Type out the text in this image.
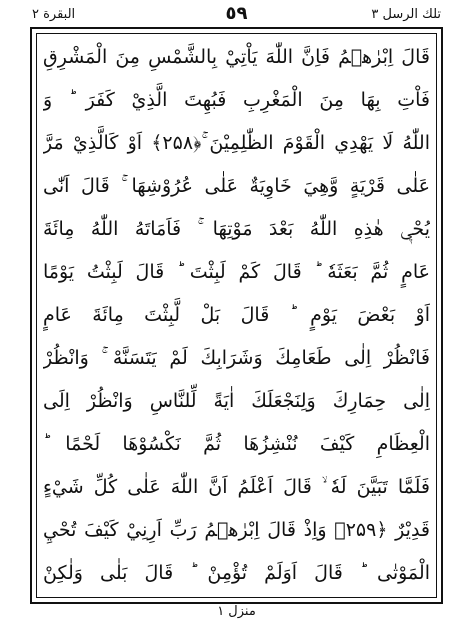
البقرة ٢	٥٩	تلك الرسل ٣
قَالَ اِبْرٰهٖمُ فَاِنَّ اللّٰهَ يَاْتِيْ بِالشَّمْسِ مِنَ الْمَشْرِقِ
فَاْتِ بِهَا مِنَ الْمَغْرِبِ فَبُهِتَ الَّذِيْ كَفَرَ ؕ وَ
اللّٰهُ لَا يَهْدِي الْقَوْمَ الظّٰلِمِيْنَ ۚ﴿۲۵۸﴾ اَوْ كَالَّذِيْ مَرَّ
عَلٰى قَرْيَةٍ وَّهِيَ خَاوِيَةٌ عَلٰى عُرُوْشِهَا ۚ قَالَ اَنّٰى
يُحْيٖ هٰذِهِ اللّٰهُ بَعْدَ مَوْتِهَا ۚ فَاَمَاتَهُ اللّٰهُ مِائَةَ
عَامٍ ثُمَّ بَعَثَهٗ ؕ قَالَ كَمْ لَبِثْتَ ؕ قَالَ لَبِثْتُ يَوْمًا
اَوْ بَعْضَ يَوْمٍ ؕ قَالَ بَلْ لَّبِثْتَ مِائَةَ عَامٍ
فَانْظُرْ اِلٰى طَعَامِكَ وَشَرَابِكَ لَمْ يَتَسَنَّهْ ۚ وَانْظُرْ
اِلٰى حِمَارِكَ وَلِنَجْعَلَكَ اٰيَةً لِّلنَّاسِ وَانْظُرْ اِلَى
الْعِظَامِ كَيْفَ نُنْشِزُهَا ثُمَّ نَكْسُوْهَا لَحْمًا ؕ
فَلَمَّا تَبَيَّنَ لَهٗ ۙ قَالَ اَعْلَمُ اَنَّ اللّٰهَ عَلٰى كُلِّ شَيْءٍ
قَدِيْرٌ ﴿۲۵۹﴾ وَاِذْ قَالَ اِبْرٰهٖمُ رَبِّ اَرِنِيْ كَيْفَ تُحْيِ
الْمَوْتٰى ؕ قَالَ اَوَلَمْ تُؤْمِنْ ؕ قَالَ بَلٰى وَلٰكِنْ
منزل ١
